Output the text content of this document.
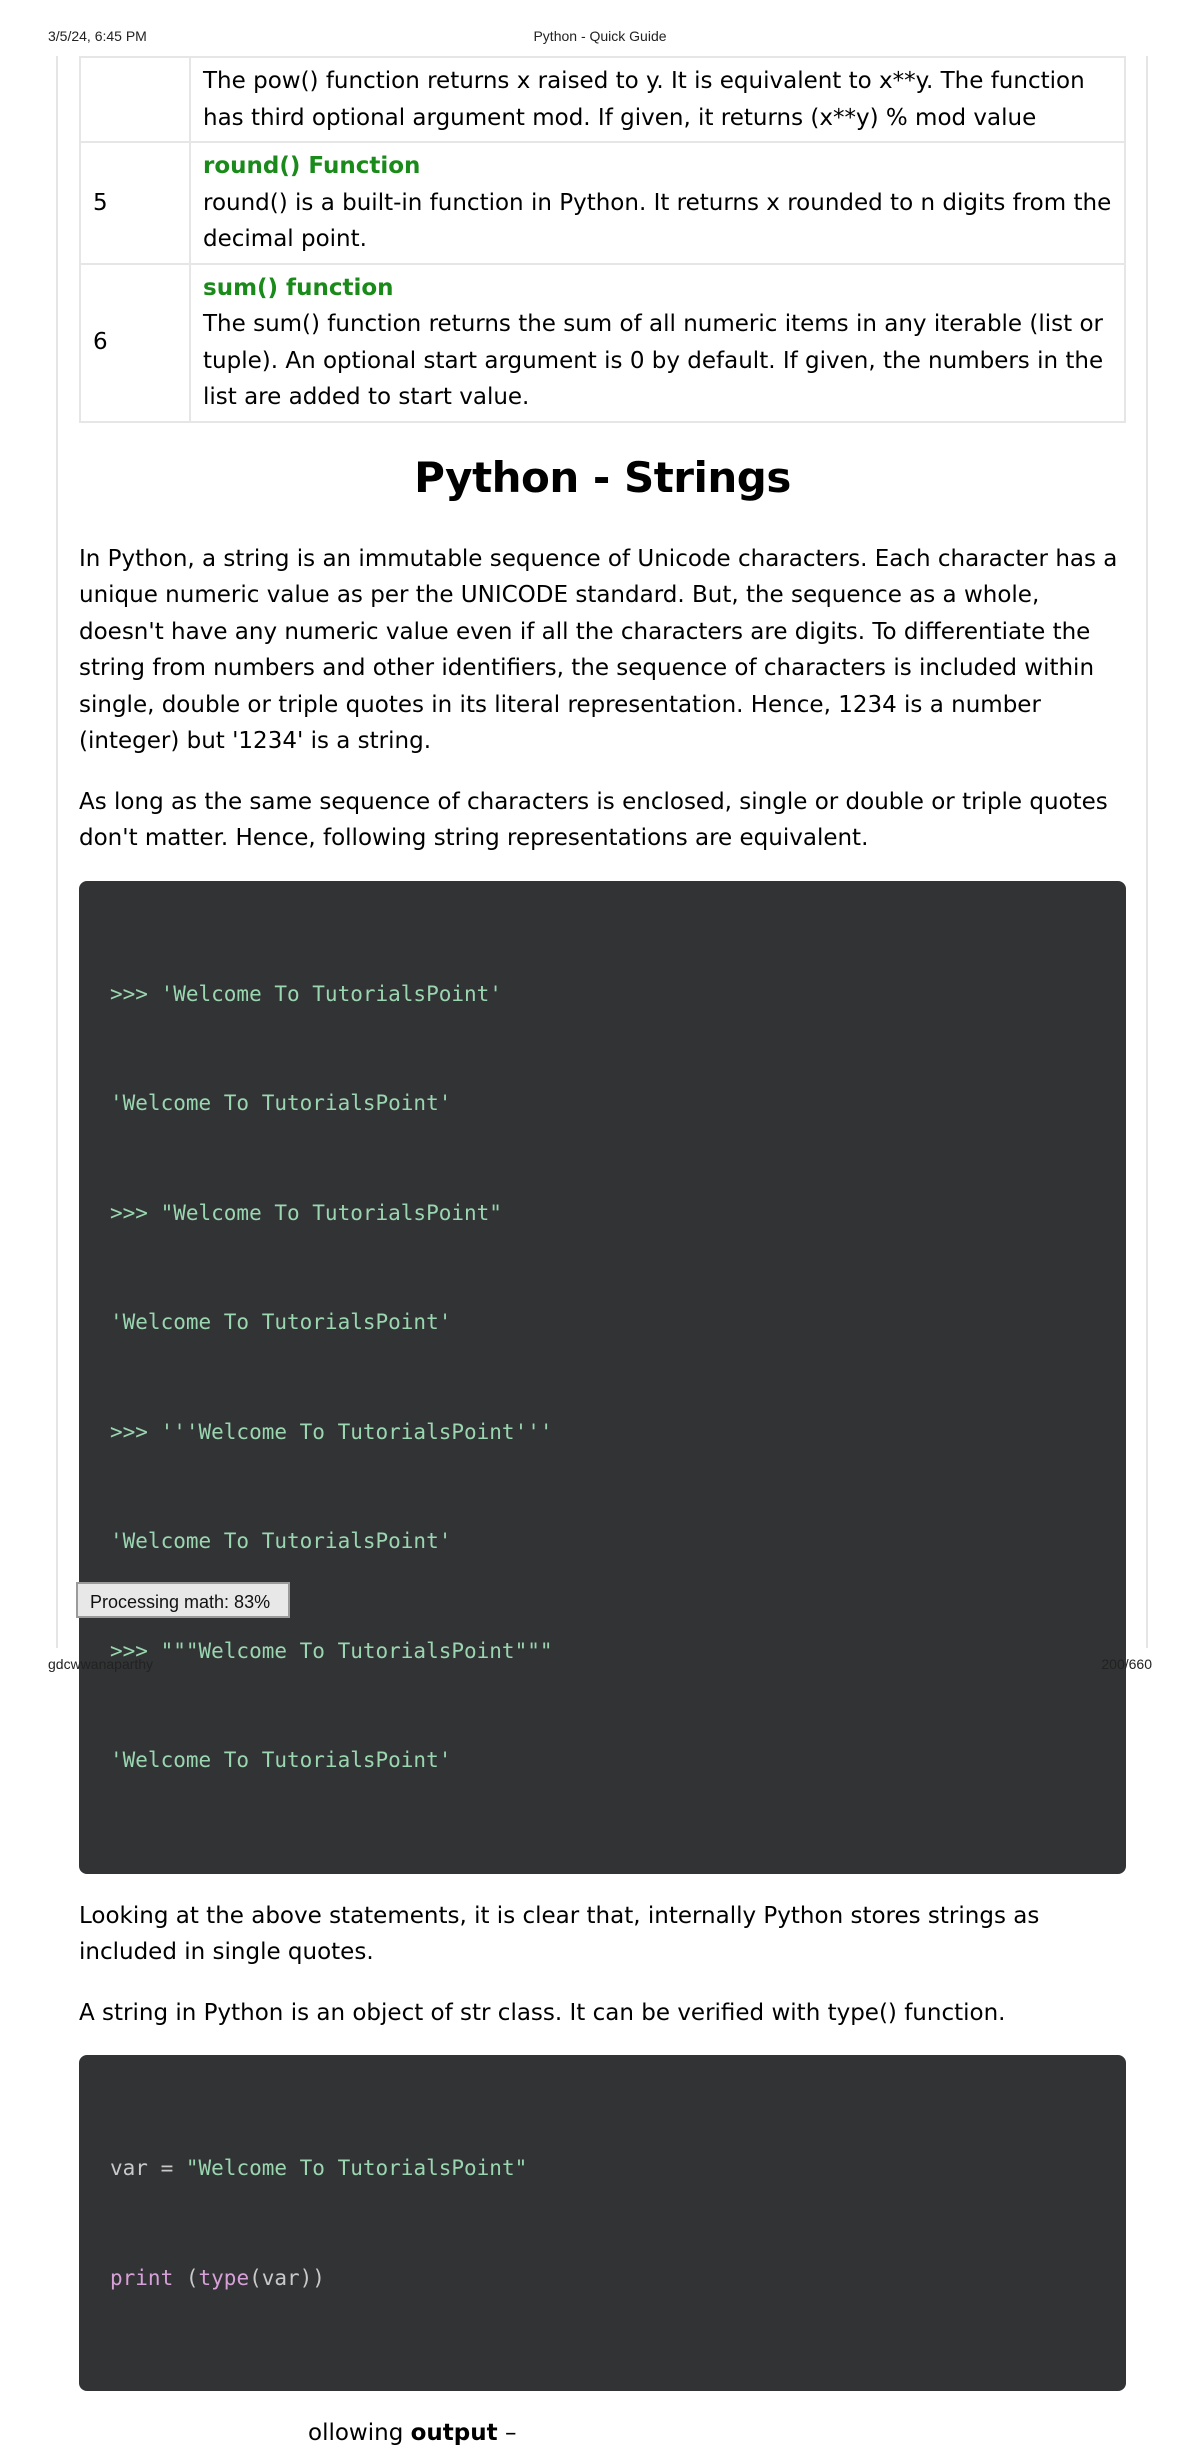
3/5/24, 6:45 PM	Python - Quick Guide

	The pow() function returns x raised to y. It is equivalent to x**y. The function has third optional argument mod. If given, it returns (x**y) % mod value

5	round() Function
round() is a built-in function in Python. It returns x rounded to n digits from the decimal point.

6	sum() function
The sum() function returns the sum of all numeric items in any iterable (list or tuple). An optional start argument is 0 by default. If given, the numbers in the list are added to start value.
Python - Strings

In Python, a string is an immutable sequence of Unicode characters. Each character has a unique numeric value as per the UNICODE standard. But, the sequence as a whole, doesn't have any numeric value even if all the characters are digits. To differentiate the string from numbers and other identifiers, the sequence of characters is included within single, double or triple quotes in its literal representation. Hence, 1234 is a number (integer) but '1234' is a string.

As long as the same sequence of characters is enclosed, single or double or triple quotes don't matter. Hence, following string representations are equivalent.

>>> 'Welcome To TutorialsPoint'

'Welcome To TutorialsPoint'

>>> "Welcome To TutorialsPoint"

'Welcome To TutorialsPoint'

>>> '''Welcome To TutorialsPoint'''

'Welcome To TutorialsPoint'

>>> """Welcome To TutorialsPoint"""

'Welcome To TutorialsPoint'

Looking at the above statements, it is clear that, internally Python stores strings as included in single quotes.

A string in Python is an object of str class. It can be verified with type() function.

var = "Welcome To TutorialsPoint"

print (type(var))

ollowing output –

Processing math: 83%
gdcwwanaparthy	200/660
